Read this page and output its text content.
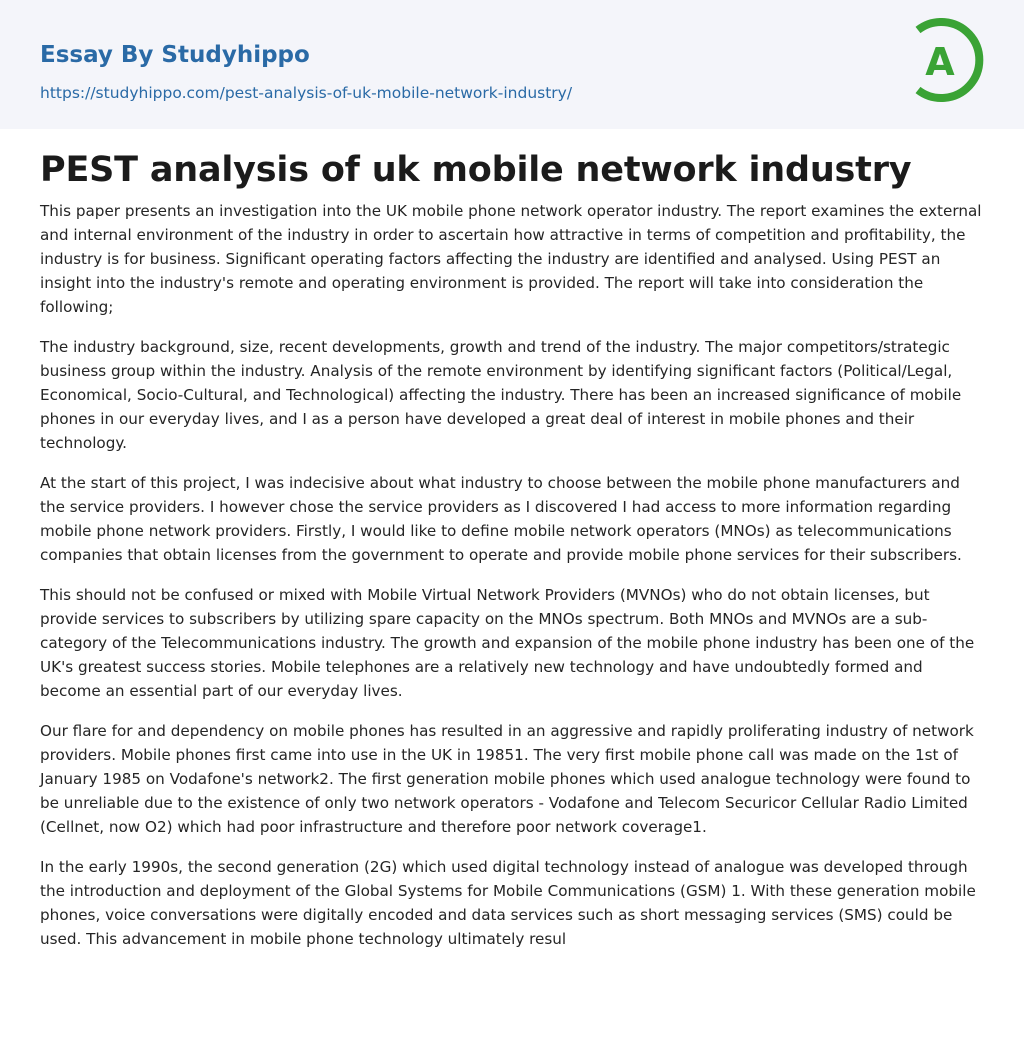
Essay By Studyhippo
https://studyhippo.com/pest-analysis-of-uk-mobile-network-industry/
A
PEST analysis of uk mobile network industry

This paper presents an investigation into the UK mobile phone network operator industry. The report examines the external and internal environment of the industry in order to ascertain how attractive in terms of competition and profitability, the industry is for business. Significant operating factors affecting the industry are identified and analysed. Using PEST an insight into the industry's remote and operating environment is provided. The report will take into consideration the following;

The industry background, size, recent developments, growth and trend of the industry. The major competitors/strategic business group within the industry. Analysis of the remote environment by identifying significant factors (Political/Legal, Economical, Socio-Cultural, and Technological) affecting the industry. There has been an increased significance of mobile phones in our everyday lives, and I as a person have developed a great deal of interest in mobile phones and their technology.

At the start of this project, I was indecisive about what industry to choose between the mobile phone manufacturers and the service providers. I however chose the service providers as I discovered I had access to more information regarding mobile phone network providers. Firstly, I would like to define mobile network operators (MNOs) as telecommunications companies that obtain licenses from the government to operate and provide mobile phone services for their subscribers.

This should not be confused or mixed with Mobile Virtual Network Providers (MVNOs) who do not obtain licenses, but provide services to subscribers by utilizing spare capacity on the MNOs spectrum. Both MNOs and MVNOs are a sub-category of the Telecommunications industry. The growth and expansion of the mobile phone industry has been one of the UK's greatest success stories. Mobile telephones are a relatively new technology and have undoubtedly formed and become an essential part of our everyday lives.

Our flare for and dependency on mobile phones has resulted in an aggressive and rapidly proliferating industry of network providers. Mobile phones first came into use in the UK in 19851. The very first mobile phone call was made on the 1st of January 1985 on Vodafone's network2. The first generation mobile phones which used analogue technology were found to be unreliable due to the existence of only two network operators - Vodafone and Telecom Securicor Cellular Radio Limited (Cellnet, now O2) which had poor infrastructure and therefore poor network coverage1.

In the early 1990s, the second generation (2G) which used digital technology instead of analogue was developed through the introduction and deployment of the Global Systems for Mobile Communications (GSM) 1. With these generation mobile phones, voice conversations were digitally encoded and data services such as short messaging services (SMS) could be used. This advancement in mobile phone technology ultimately resul
